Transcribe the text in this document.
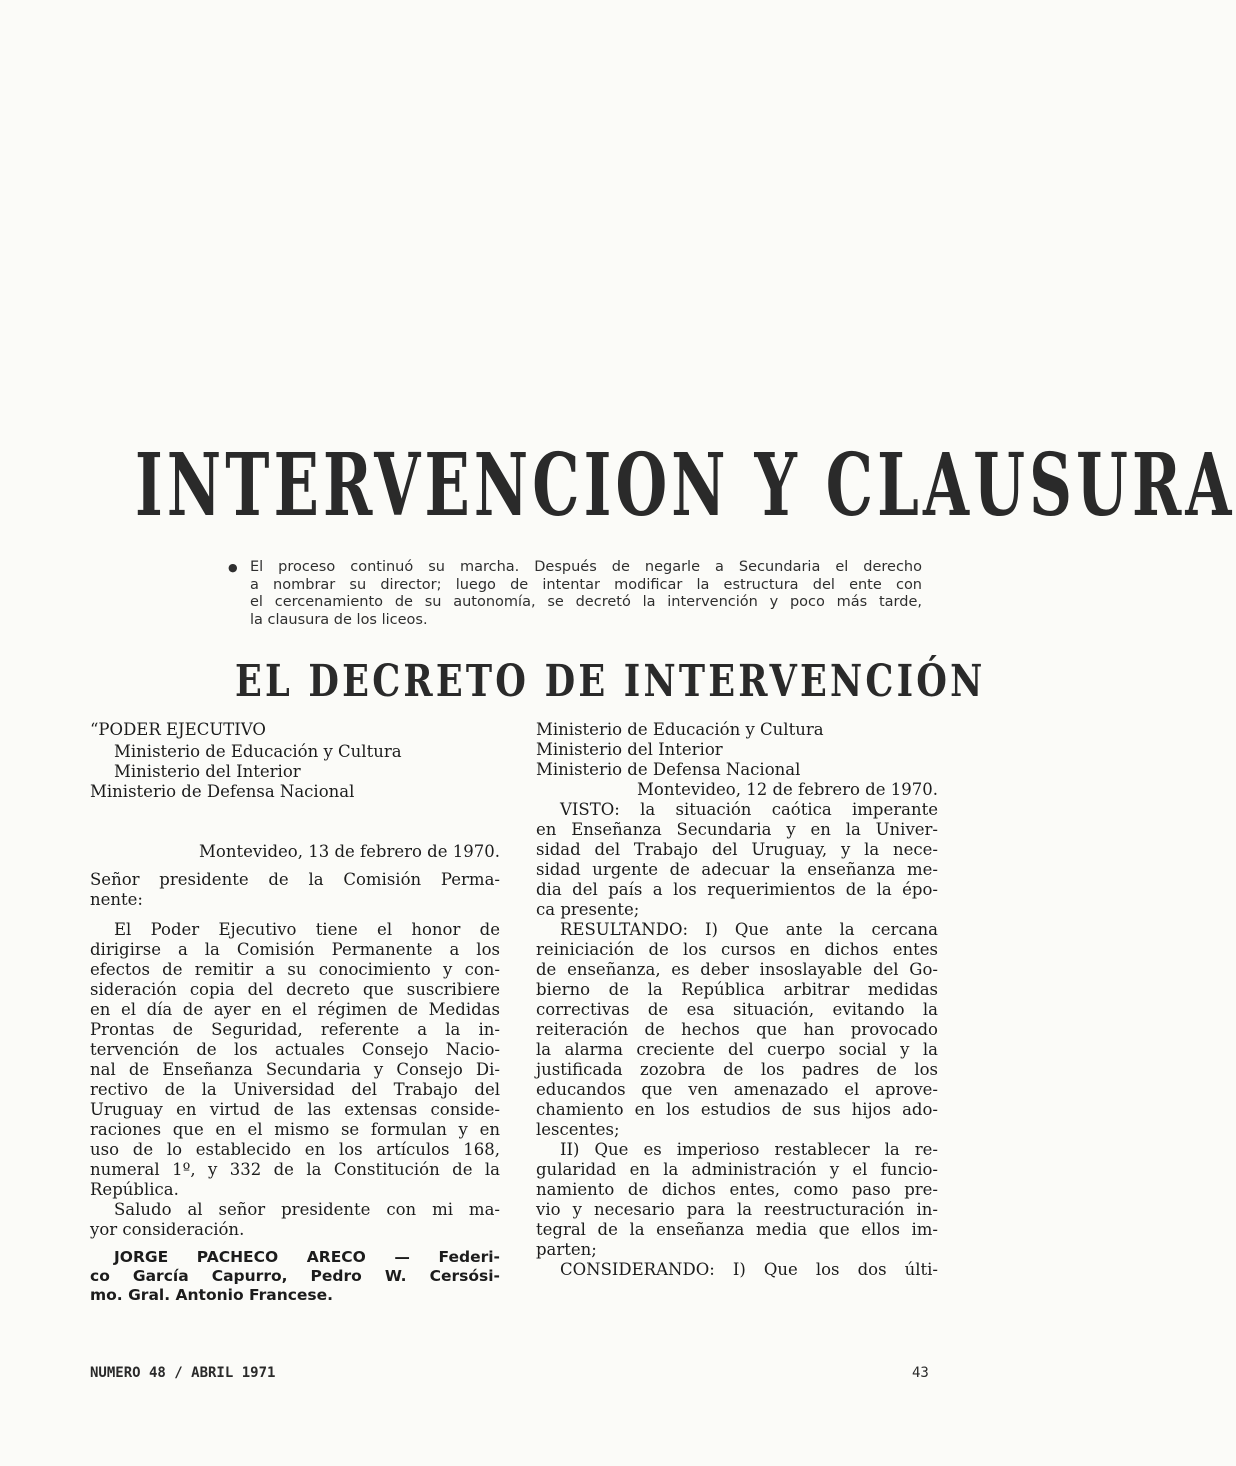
INTERVENCION Y CLAUSURA
● El proceso continuó su marcha. Después de negarle a Secundaria el derecho
a nombrar su director; luego de intentar modificar la estructura del ente con
el cercenamiento de su autonomía, se decretó la intervención y poco más tarde,
la clausura de los liceos.
EL DECRETO DE INTERVENCIÓN
“PODER EJECUTIVO
Ministerio de Educación y Cultura
Ministerio del Interior
Ministerio de Defensa Nacional
Montevideo, 13 de febrero de 1970.
Señor presidente de la Comisión Perma-
nente:
El Poder Ejecutivo tiene el honor de
dirigirse a la Comisión Permanente a los
efectos de remitir a su conocimiento y con-
sideración copia del decreto que suscribiere
en el día de ayer en el régimen de Medidas
Prontas de Seguridad, referente a la in-
tervención de los actuales Consejo Nacio-
nal de Enseñanza Secundaria y Consejo Di-
rectivo de la Universidad del Trabajo del
Uruguay en virtud de las extensas conside-
raciones que en el mismo se formulan y en
uso de lo establecido en los artículos 168,
numeral 1º, y 332 de la Constitución de la
República.
Saludo al señor presidente con mi ma-
yor consideración.
JORGE PACHECO ARECO — Federi-
co García Capurro, Pedro W. Cersósi-
mo. Gral. Antonio Francese.
Ministerio de Educación y Cultura
Ministerio del Interior
Ministerio de Defensa Nacional
Montevideo, 12 de febrero de 1970.
VISTO: la situación caótica imperante
en Enseñanza Secundaria y en la Univer-
sidad del Trabajo del Uruguay, y la nece-
sidad urgente de adecuar la enseñanza me-
dia del país a los requerimientos de la épo-
ca presente;
RESULTANDO: I) Que ante la cercana
reiniciación de los cursos en dichos entes
de enseñanza, es deber insoslayable del Go-
bierno de la República arbitrar medidas
correctivas de esa situación, evitando la
reiteración de hechos que han provocado
la alarma creciente del cuerpo social y la
justificada zozobra de los padres de los
educandos que ven amenazado el aprove-
chamiento en los estudios de sus hijos ado-
lescentes;
II) Que es imperioso restablecer la re-
gularidad en la administración y el funcio-
namiento de dichos entes, como paso pre-
vio y necesario para la reestructuración in-
tegral de la enseñanza media que ellos im-
parten;
CONSIDERANDO: I) Que los dos últi-
NUMERO 48 / ABRIL 1971	43
